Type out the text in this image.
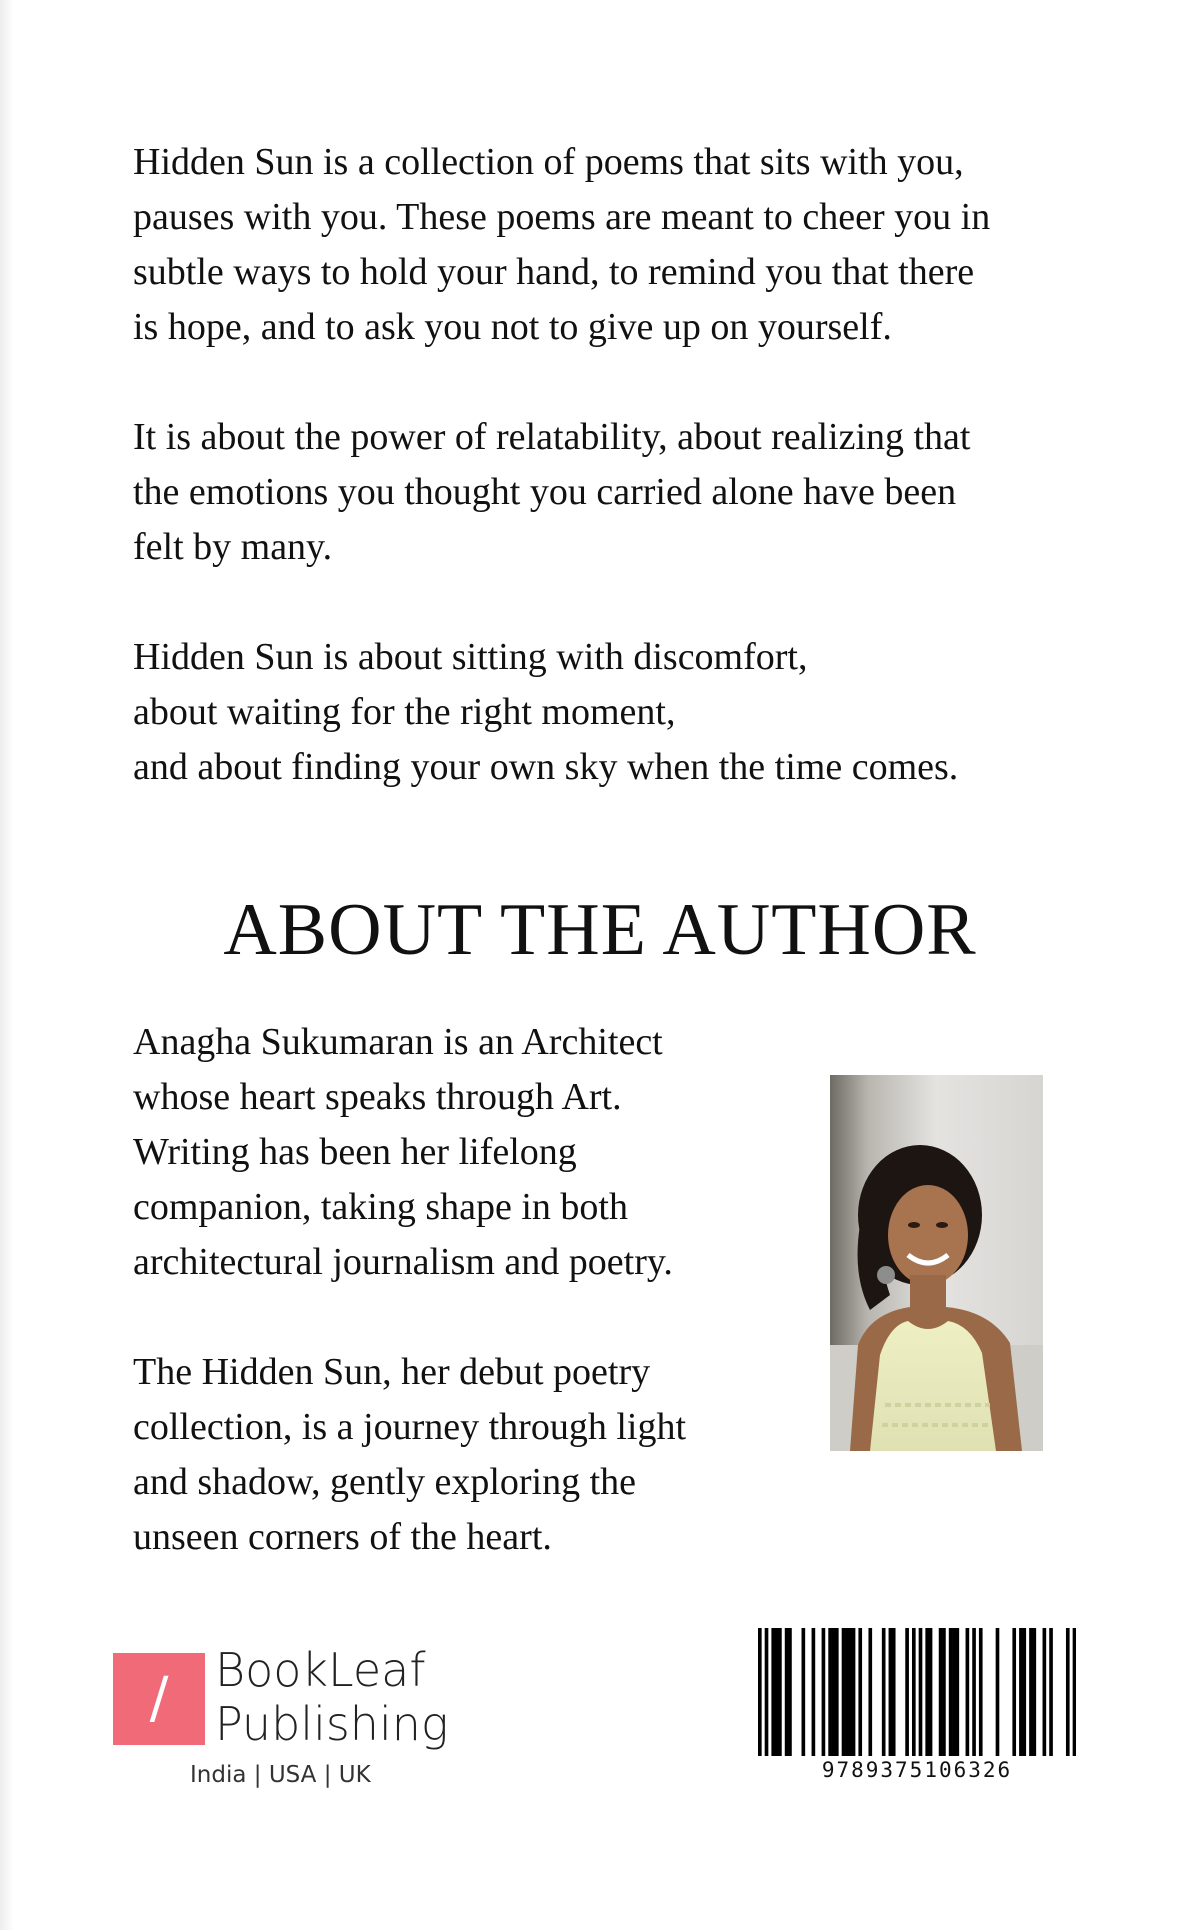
Hidden Sun is a collection of poems that sits with you,
pauses with you. These poems are meant to cheer you in
subtle ways to hold your hand, to remind you that there
is hope, and to ask you not to give up on yourself.

It is about the power of relatability, about realizing that
the emotions you thought you carried alone have been
felt by many.

Hidden Sun is about sitting with discomfort,
about waiting for the right moment,
and about finding your own sky when the time comes.

ABOUT THE AUTHOR

Anagha Sukumaran is an Architect
whose heart speaks through Art.
Writing has been her lifelong
companion, taking shape in both
architectural journalism and poetry.

The Hidden Sun, her debut poetry
collection, is a journey through light
and shadow, gently exploring the
unseen corners of the heart.

/	BookLeaf
Publishing
India | USA | UK	9789375106326
